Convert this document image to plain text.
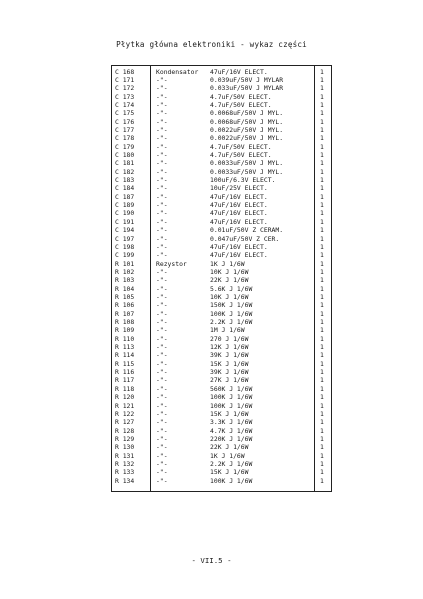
Płytka główna elektroniki - wykaz części
C 168	Kondensator 47uF/16V ELECT.	1
C 171	-"-	0.039uF/50V J MYLAR	1
C 172	-"-	0.033uF/50V J MYLAR	1
C 173	-"-	4.7uF/50V ELECT.	1
C 174	-"-	4.7uF/50V ELECT.	1
C 175	-"-	0.0068uF/50V J MYL.	1
C 176	-"-	0.0068uF/50V J MYL.	1
C 177	-"-	0.0022uF/50V J MYL.	1
C 178	-"-	0.0022uF/50V J MYL.	1
C 179	-"-	4.7uF/50V ELECT.	1
C 180	-"-	4.7uF/50V ELECT.	1
C 181	-"-	0.0033uF/50V J MYL.	1
C 182	-"-	0.0033uF/50V J MYL.	1
C 183	-"-	100uF/6.3V ELECT.	1
C 184	-"-	10uF/25V ELECT.	1
C 187	-"-	47uF/16V ELECT.	1
C 189	-"-	47uF/16V ELECT.	1
C 190	-"-	47uF/16V ELECT.	1
C 191	-"-	47uF/16V ELECT.	1
C 194	-"-	0.01uF/50V Z CERAM.	1
C 197	-"-	0.047uF/50V Z CER.	1
C 198	-"-	47uF/16V ELECT.	1
C 199	-"-	47uF/16V ELECT.	1
R 101	Rezystor	1K J 1/6W	1
R 102	-"-	10K J 1/6W	1
R 103	-"-	22K J 1/6W	1
R 104	-"-	5.6K J 1/6W	1
R 105	-"-	10K J 1/6W	1
R 106	-"-	150K J 1/6W	1
R 107	-"-	100K J 1/6W	1
R 108	-"-	2.2K J 1/6W	1
R 109	-"-	1M J 1/6W	1
R 110	-"-	270 J 1/6W	1
R 113	-"-	12K J 1/6W	1
R 114	-"-	39K J 1/6W	1
R 115	-"-	15K J 1/6W	1
R 116	-"-	39K J 1/6W	1
R 117	-"-	27K J 1/6W	1
R 118	-"-	560K J 1/6W	1
R 120	-"-	100K J 1/6W	1
R 121	-"-	100K J 1/6W	1
R 122	-"-	15K J 1/6W	1
R 127	-"-	3.3K J 1/6W	1
R 128	-"-	4.7K J 1/6W	1
R 129	-"-	220K J 1/6W	1
R 130	-"-	22K J 1/6W	1
R 131	-"-	1K J 1/6W	1
R 132	-"-	2.2K J 1/6W	1
R 133	-"-	15K J 1/6W	1
R 134	-"-	100K J 1/6W	1
- VII.5 -
